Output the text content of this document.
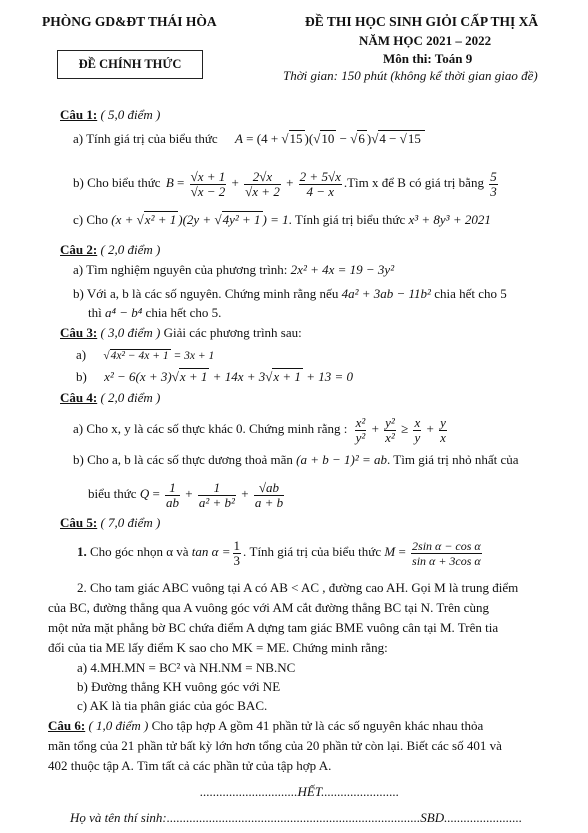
PHÒNG GD&ĐT THÁI HÒA
ĐỀ CHÍNH THỨC
ĐỀ THI HỌC SINH GIỎI CẤP THỊ XÃ
NĂM HỌC 2021 – 2022
Môn thi: Toán 9
Thời gian: 150 phút (không kể thời gian giao đề)
Câu 1: ( 5,0 điểm )
a) Tính giá trị của biểu thức A = (4 + √15 )(√10 − √6 )√4 − √15
b) Cho biểu thức $B = \frac{√x + 1}{√x - 2} + \frac{2√x}{√x + 2} + \frac{2 + 5√x}{4 - x}$ .Tìm x để B có giá trị bằng $\frac{5}{3}$
c) Cho (x + √x² + 1 )(2y + √4y² + 1 ) = 1. Tính giá trị biểu thức x³ + 8y³ + 2021
Câu 2: ( 2,0 điểm )
a) Tìm nghiệm nguyên của phương trình: 2x² + 4x = 19 − 3y²
b) Với a, b là các số nguyên. Chứng minh rằng nếu 4a² + 3ab − 11b² chia hết cho 5
thì a⁴ − b⁴ chia hết cho 5.
Câu 3: ( 3,0 điểm ) Giải các phương trình sau:
a) √4x² − 4x + 1 = 3x + 1
b) x² − 6(x + 3)√x + 1 + 14x + 3√x + 1 + 13 = 0
Câu 4: ( 2,0 điểm )
a) Cho x, y là các số thực khác 0. Chứng minh rằng : $\frac{\text{x²}}{\text{y²}} + \frac{\text{y²}}{\text{x²}} \ge \frac{x}{y} + \frac{y}{x}$
b) Cho a, b là các số thực dương thoả mãn (a + b − 1)² = ab. Tìm giá trị nhỏ nhất của
biểu thức $Q = \frac{1}{ab} + \frac{1}{\text{a² + b²}} + \frac{√ab}{a + b}$
Câu 5: ( 7,0 điểm )
1. Cho góc nhọn α và $\tan \alpha = \frac{1}{3}$ . Tính giá trị của biểu thức $M = \frac{\text{2sin α − cos α}}{\text{sin α + 3cos α}}$
2. Cho tam giác ABC vuông tại A có AB < AC , đường cao AH. Gọi M là trung điểm
của BC, đường thẳng qua A vuông góc với AM cắt đường thẳng BC tại N. Trên cùng
một nửa mặt phẳng bờ BC chứa điểm A dựng tam giác BME vuông cân tại M. Trên tia
đối của tia ME lấy điểm K sao cho MK = ME. Chứng minh rằng:
a) 4.MH.MN = BC² và NH.NM = NB.NC
b) Đường thẳng KH vuông góc với NE
c) AK là tia phân giác của góc BAC.
Câu 6: ( 1,0 điểm ) Cho tập hợp A gồm 41 phần tử là các số nguyên khác nhau thỏa
mãn tổng của 21 phần tử bất kỳ lớn hơn tổng của 20 phần tử còn lại. Biết các số 401 và
402 thuộc tập A. Tìm tất cả các phần tử của tập hợp A.
..............................HẾT........................
Họ và tên thí sinh:..............................................................................SBD........................
